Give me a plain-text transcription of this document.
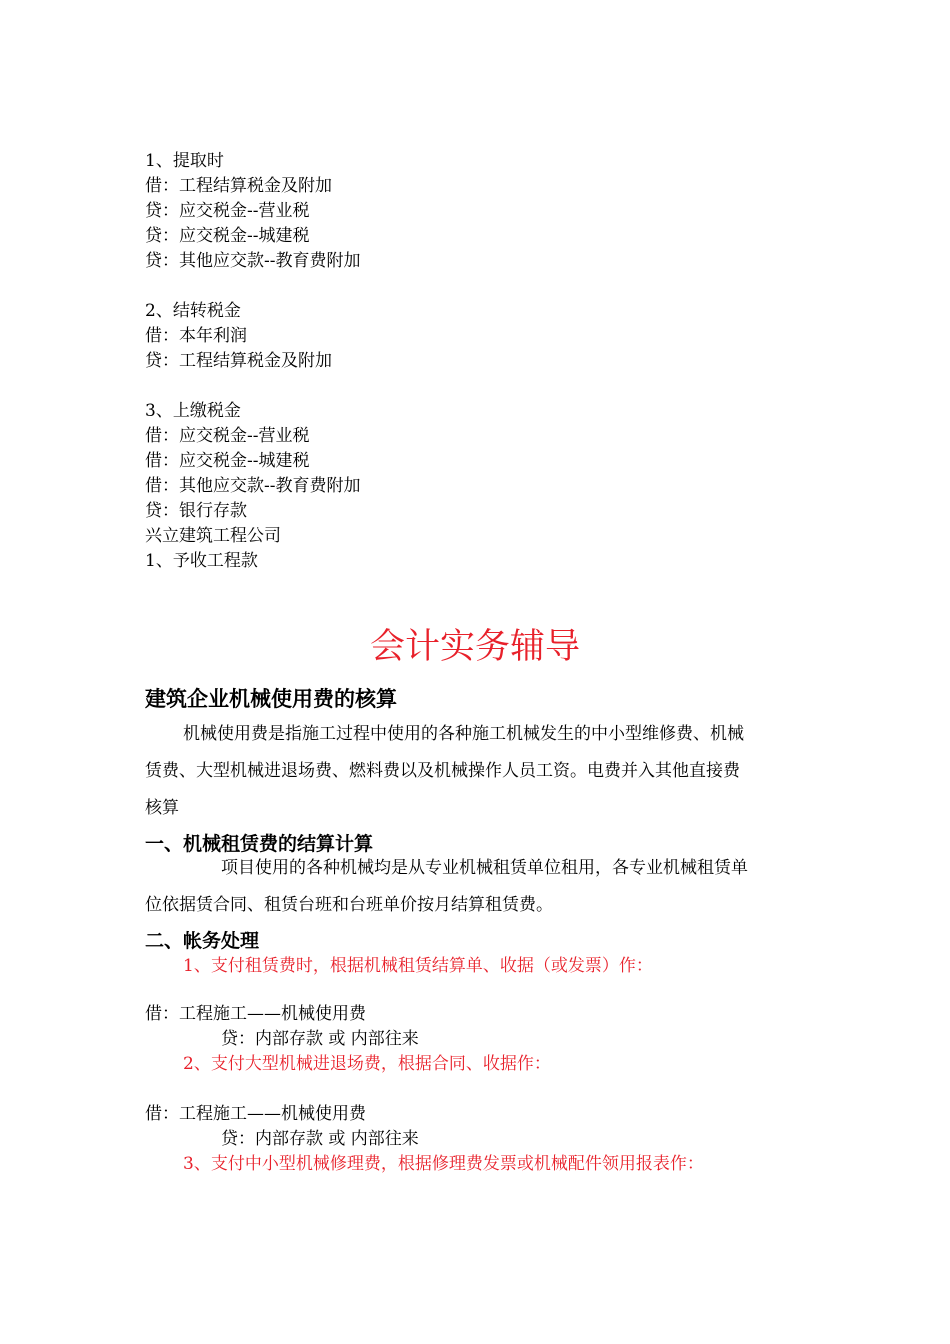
1、提取时
借：工程结算税金及附加
贷：应交税金--营业税
贷：应交税金--城建税
贷：其他应交款--教育费附加
2、结转税金
借：本年利润
贷：工程结算税金及附加
3、上缴税金
借：应交税金--营业税
借：应交税金--城建税
借：其他应交款--教育费附加
贷：银行存款
兴立建筑工程公司
1、予收工程款
会计实务辅导
建筑企业机械使用费的核算
机械使用费是指施工过程中使用的各种施工机械发生的中小型维修费、机械
赁费、大型机械进退场费、燃料费以及机械操作人员工资。电费并入其他直接费
核算
一、机械租赁费的结算计算
项目使用的各种机械均是从专业机械租赁单位租用，各专业机械租赁单
位依据赁合同、租赁台班和台班单价按月结算租赁费。
二、帐务处理
1、支付租赁费时，根据机械租赁结算单、收据（或发票）作：
借：工程施工——机械使用费
贷：内部存款 或 内部往来
2、支付大型机械进退场费，根据合同、收据作：
借：工程施工——机械使用费
贷：内部存款 或 内部往来
3、支付中小型机械修理费，根据修理费发票或机械配件领用报表作：
